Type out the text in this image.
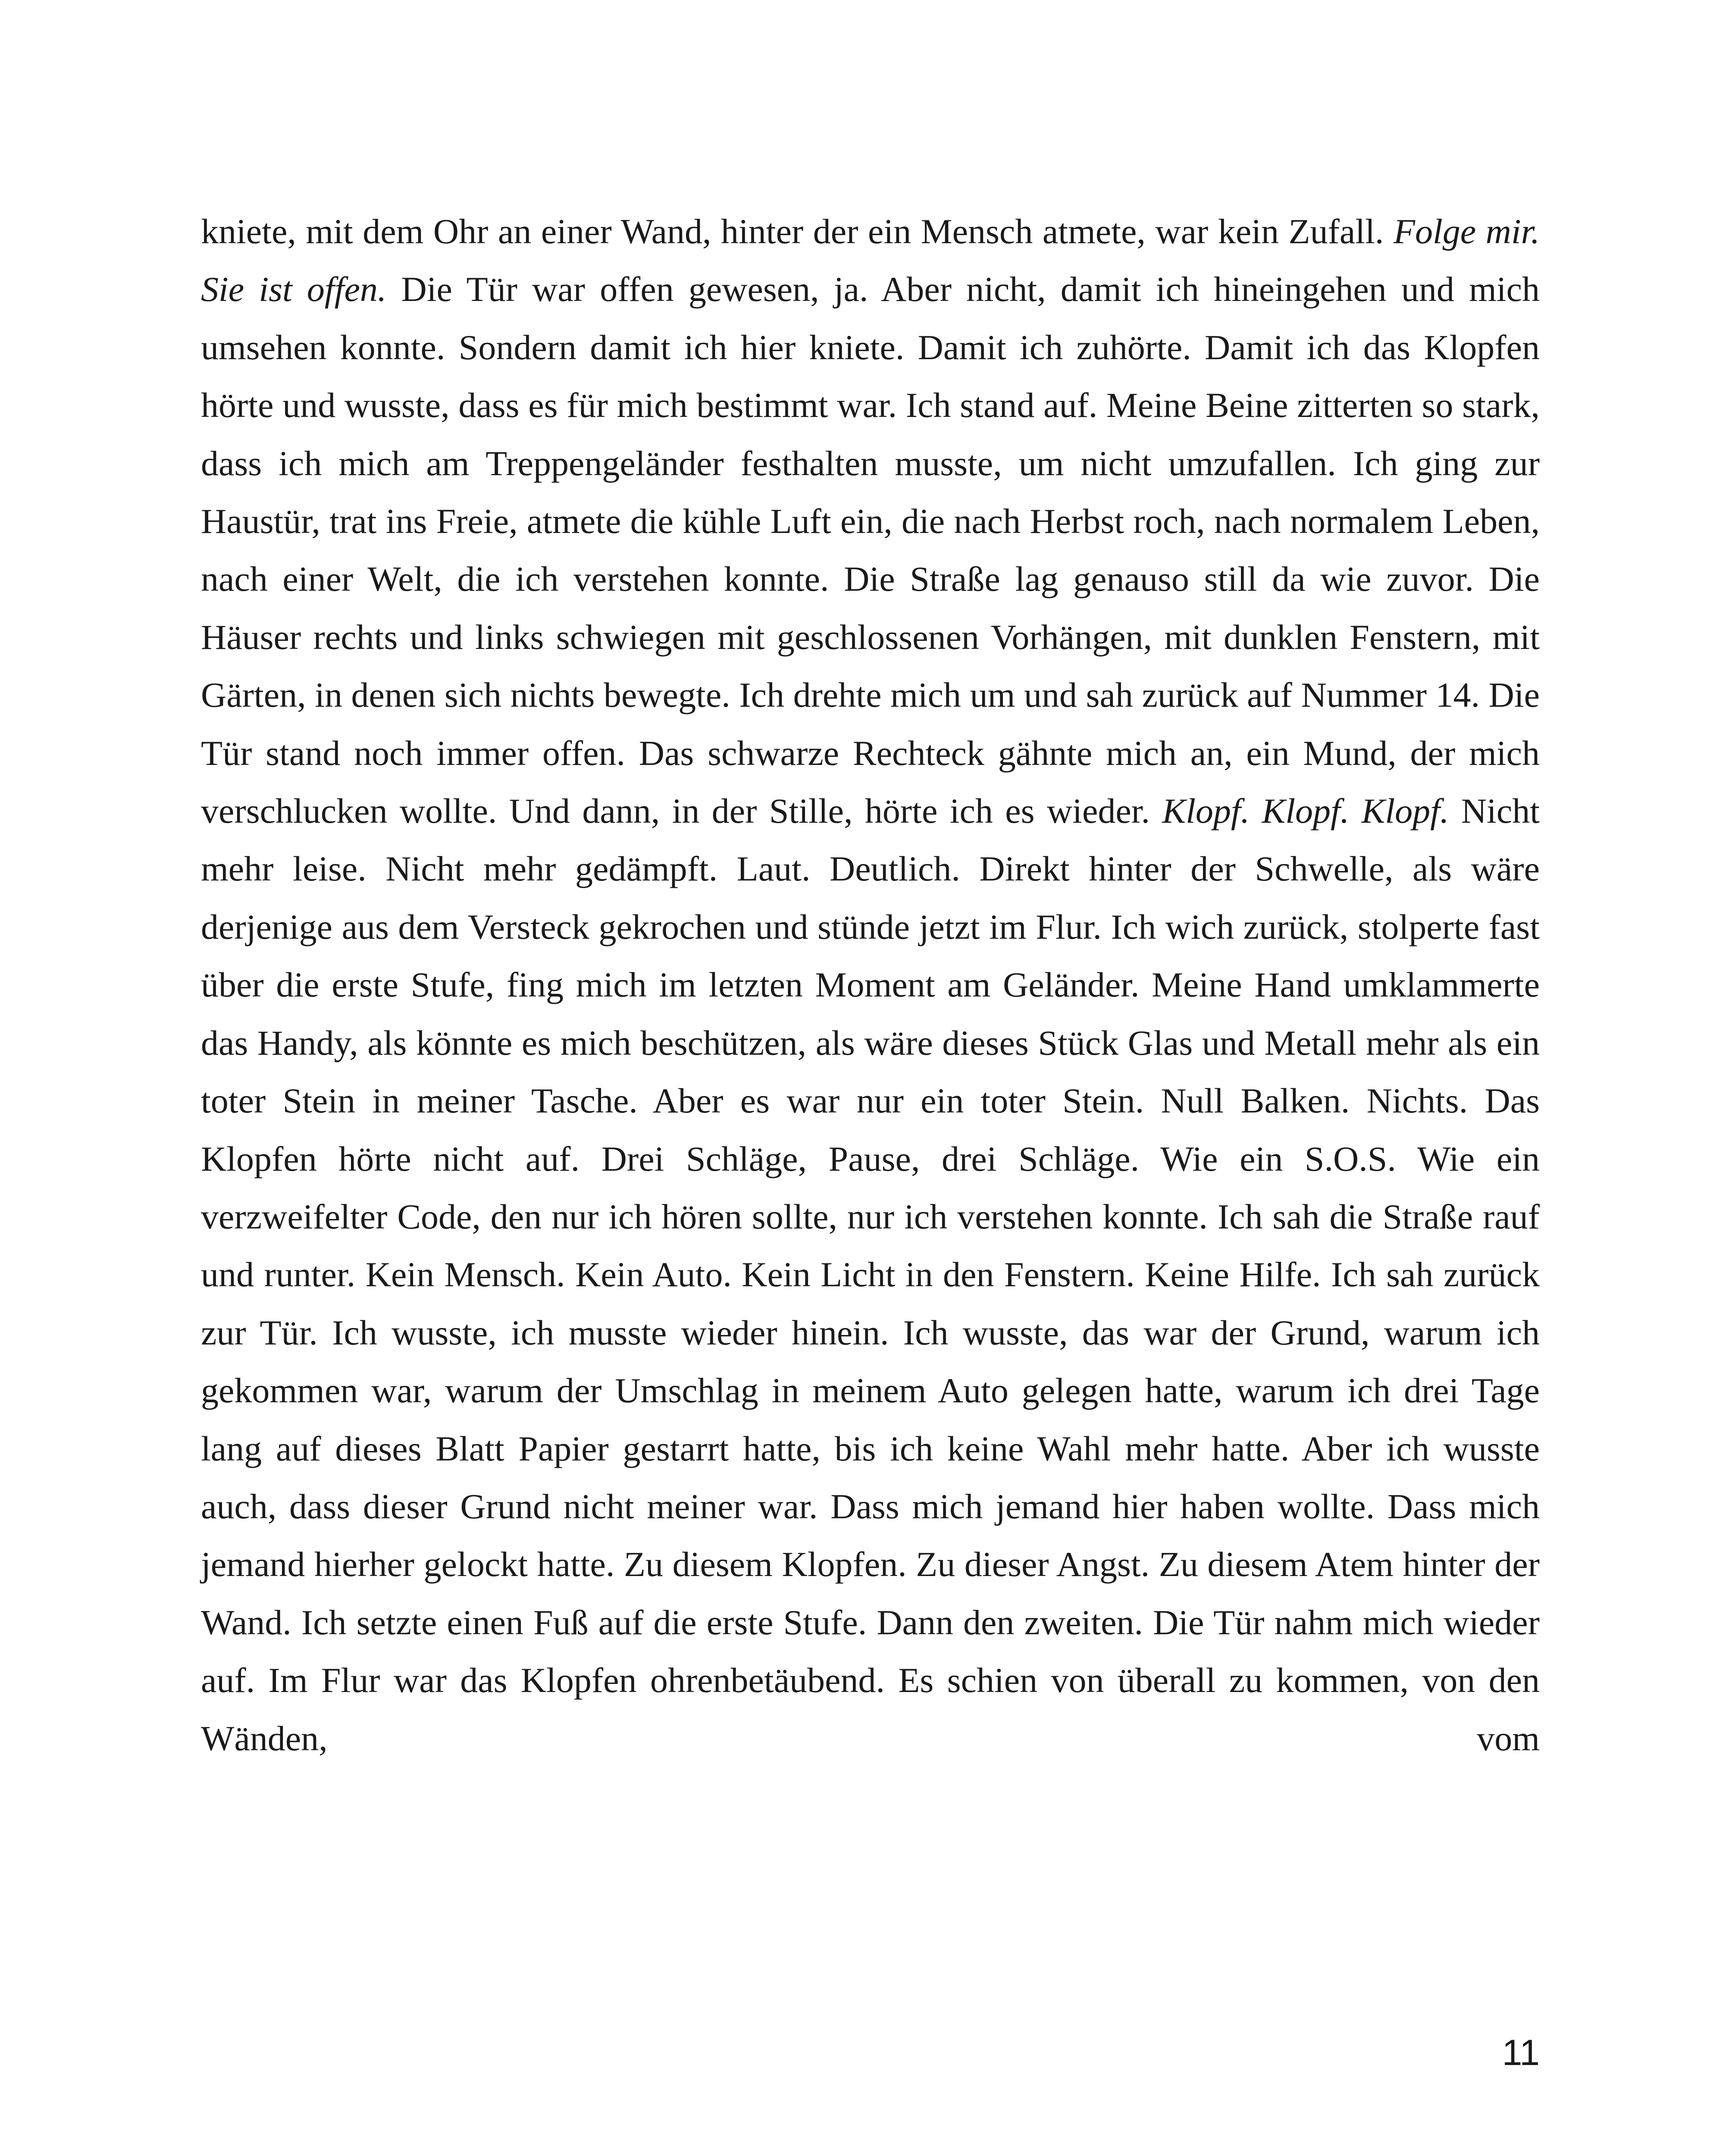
kniete, mit dem Ohr an einer Wand, hinter der ein Mensch atmete, war kein Zufall. Folge mir. Sie ist offen. Die Tür war offen gewesen, ja. Aber nicht, damit ich hineingehen und mich umsehen konnte. Sondern damit ich hier kniete. Damit ich zuhörte. Damit ich das Klopfen hörte und wusste, dass es für mich bestimmt war. Ich stand auf. Meine Beine zitterten so stark, dass ich mich am Treppengeländer festhalten musste, um nicht umzufallen. Ich ging zur Haustür, trat ins Freie, atmete die kühle Luft ein, die nach Herbst roch, nach normalem Leben, nach einer Welt, die ich verstehen konnte. Die Straße lag genauso still da wie zuvor. Die Häuser rechts und links schwiegen mit geschlossenen Vorhängen, mit dunklen Fenstern, mit Gärten, in denen sich nichts bewegte. Ich drehte mich um und sah zurück auf Nummer 14. Die Tür stand noch immer offen. Das schwarze Rechteck gähnte mich an, ein Mund, der mich verschlucken wollte. Und dann, in der Stille, hörte ich es wieder. Klopf. Klopf. Klopf. Nicht mehr leise. Nicht mehr gedämpft. Laut. Deutlich. Direkt hinter der Schwelle, als wäre derjenige aus dem Versteck gekrochen und stünde jetzt im Flur. Ich wich zurück, stolperte fast über die erste Stufe, fing mich im letzten Moment am Geländer. Meine Hand umklammerte das Handy, als könnte es mich beschützen, als wäre dieses Stück Glas und Metall mehr als ein toter Stein in meiner Tasche. Aber es war nur ein toter Stein. Null Balken. Nichts. Das Klopfen hörte nicht auf. Drei Schläge, Pause, drei Schläge. Wie ein S.O.S. Wie ein verzweifelter Code, den nur ich hören sollte, nur ich verstehen konnte. Ich sah die Straße rauf und runter. Kein Mensch. Kein Auto. Kein Licht in den Fenstern. Keine Hilfe. Ich sah zurück zur Tür. Ich wusste, ich musste wieder hinein. Ich wusste, das war der Grund, warum ich gekommen war, warum der Umschlag in meinem Auto gelegen hatte, warum ich drei Tage lang auf dieses Blatt Papier gestarrt hatte, bis ich keine Wahl mehr hatte. Aber ich wusste auch, dass dieser Grund nicht meiner war. Dass mich jemand hier haben wollte. Dass mich jemand hierher gelockt hatte. Zu diesem Klopfen. Zu dieser Angst. Zu diesem Atem hinter der Wand. Ich setzte einen Fuß auf die erste Stufe. Dann den zweiten. Die Tür nahm mich wieder auf. Im Flur war das Klopfen ohrenbetäubend. Es schien von überall zu kommen, von den Wänden, vom

11
